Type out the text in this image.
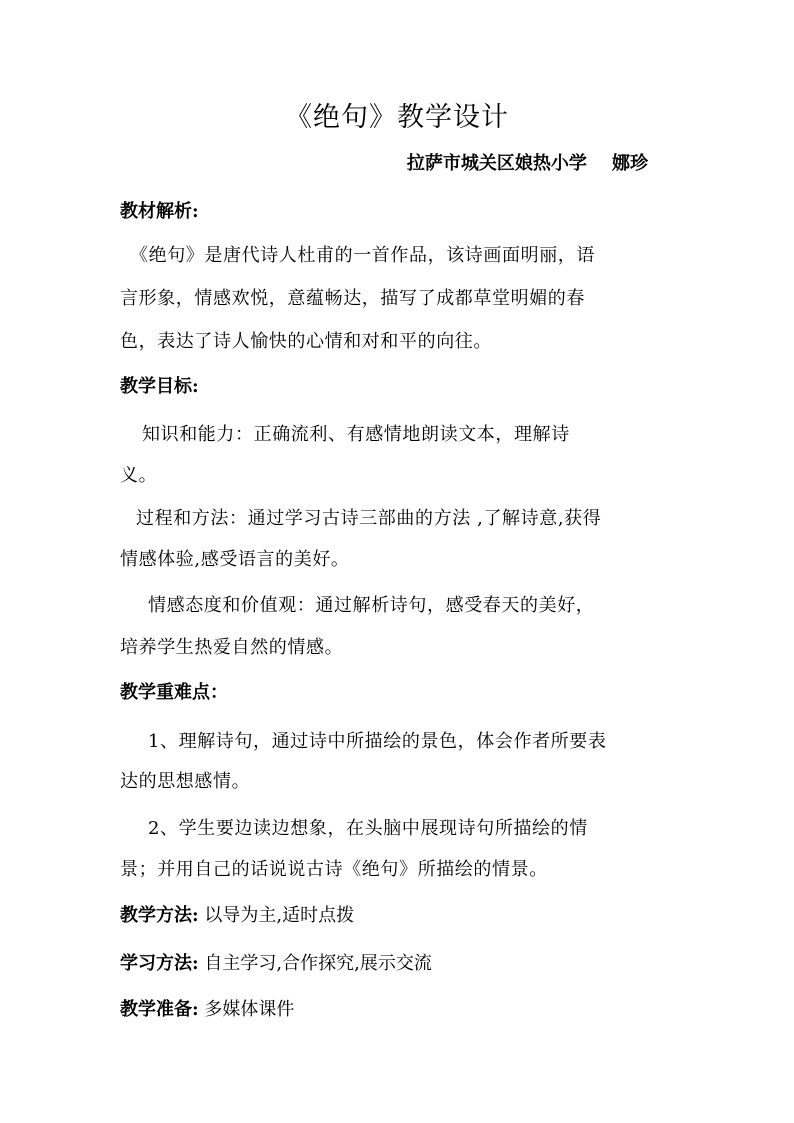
《绝句》教学设计
拉萨市城关区娘热小学    娜珍
教材解析:
《绝句》是唐代诗人杜甫的一首作品，该诗画面明丽，语
言形象，情感欢悦，意蕴畅达，描写了成都草堂明媚的春
色，表达了诗人愉快的心情和对和平的向往。
教学目标:
知识和能力：正确流利、有感情地朗读文本，理解诗
义。
过程和方法：通过学习古诗三部曲的方法 ,了解诗意,获得
情感体验,感受语言的美好。
情感态度和价值观：通过解析诗句，感受春天的美好，
培养学生热爱自然的情感。
教学重难点：
1、理解诗句，通过诗中所描绘的景色，体会作者所要表
达的思想感情。
2、学生要边读边想象，在头脑中展现诗句所描绘的情
景；并用自己的话说说古诗《绝句》所描绘的情景。
教学方法: 以导为主,适时点拨
学习方法: 自主学习,合作探究,展示交流
教学准备: 多媒体课件
